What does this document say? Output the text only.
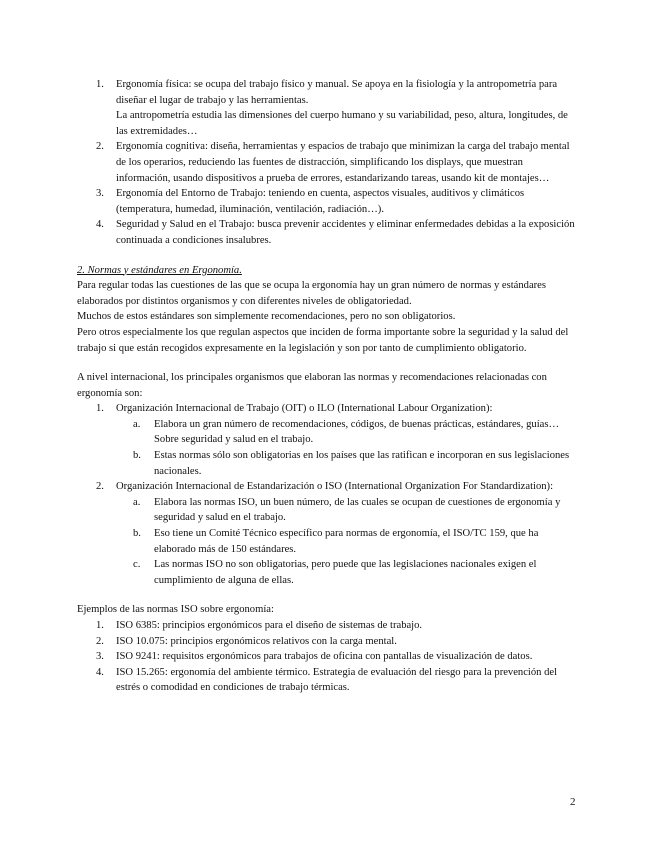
1. Ergonomía física: se ocupa del trabajo físico y manual. Se apoya en la fisiología y la antropometría para diseñar el lugar de trabajo y las herramientas.
La antropometría estudia las dimensiones del cuerpo humano y su variabilidad, peso, altura, longitudes, de las extremidades…
2. Ergonomía cognitiva: diseña, herramientas y espacios de trabajo que minimizan la carga del trabajo mental de los operarios, reduciendo las fuentes de distracción, simplificando los displays, que muestran información, usando dispositivos a prueba de errores, estandarizando tareas, usando kit de montajes…
3. Ergonomía del Entorno de Trabajo: teniendo en cuenta, aspectos visuales, auditivos y climáticos (temperatura, humedad, iluminación, ventilación, radiación…).
4. Seguridad y Salud en el Trabajo: busca prevenir accidentes y eliminar enfermedades debidas a la exposición continuada a condiciones insalubres.

2. Normas y estándares en Ergonomía.

Para regular todas las cuestiones de las que se ocupa la ergonomía hay un gran número de normas y estándares elaborados por distintos organismos y con diferentes niveles de obligatoriedad.

Muchos de estos estándares son simplemente recomendaciones, pero no son obligatorios.

Pero otros especialmente los que regulan aspectos que inciden de forma importante sobre la seguridad y la salud del trabajo si que están recogidos expresamente en la legislación y son por tanto de cumplimiento obligatorio.

A nivel internacional, los principales organismos que elaboran las normas y recomendaciones relacionadas con ergonomía son:

1. Organización Internacional de Trabajo (OIT) o ILO (International Labour Organization):
a. Elabora un gran número de recomendaciones, códigos, de buenas prácticas, estándares, guías… Sobre seguridad y salud en el trabajo.
b. Estas normas sólo son obligatorias en los países que las ratifican e incorporan en sus legislaciones nacionales.
2. Organización Internacional de Estandarización o ISO (International Organization For Standardization):
a. Elabora las normas ISO, un buen número, de las cuales se ocupan de cuestiones de ergonomía y seguridad y salud en el trabajo.
b. Eso tiene un Comité Técnico específico para normas de ergonomía, el ISO/TC 159, que ha elaborado más de 150 estándares.
c. Las normas ISO no son obligatorias, pero puede que las legislaciones nacionales exigen el cumplimiento de alguna de ellas.

Ejemplos de las normas ISO sobre ergonomía:

1. ISO 6385: principios ergonómicos para el diseño de sistemas de trabajo.
2. ISO 10.075: principios ergonómicos relativos con la carga mental.
3. ISO 9241: requisitos ergonómicos para trabajos de oficina con pantallas de visualización de datos.
4. ISO 15.265: ergonomía del ambiente térmico. Estrategia de evaluación del riesgo para la prevención del estrés o comodidad en condiciones de trabajo térmicas.
2
